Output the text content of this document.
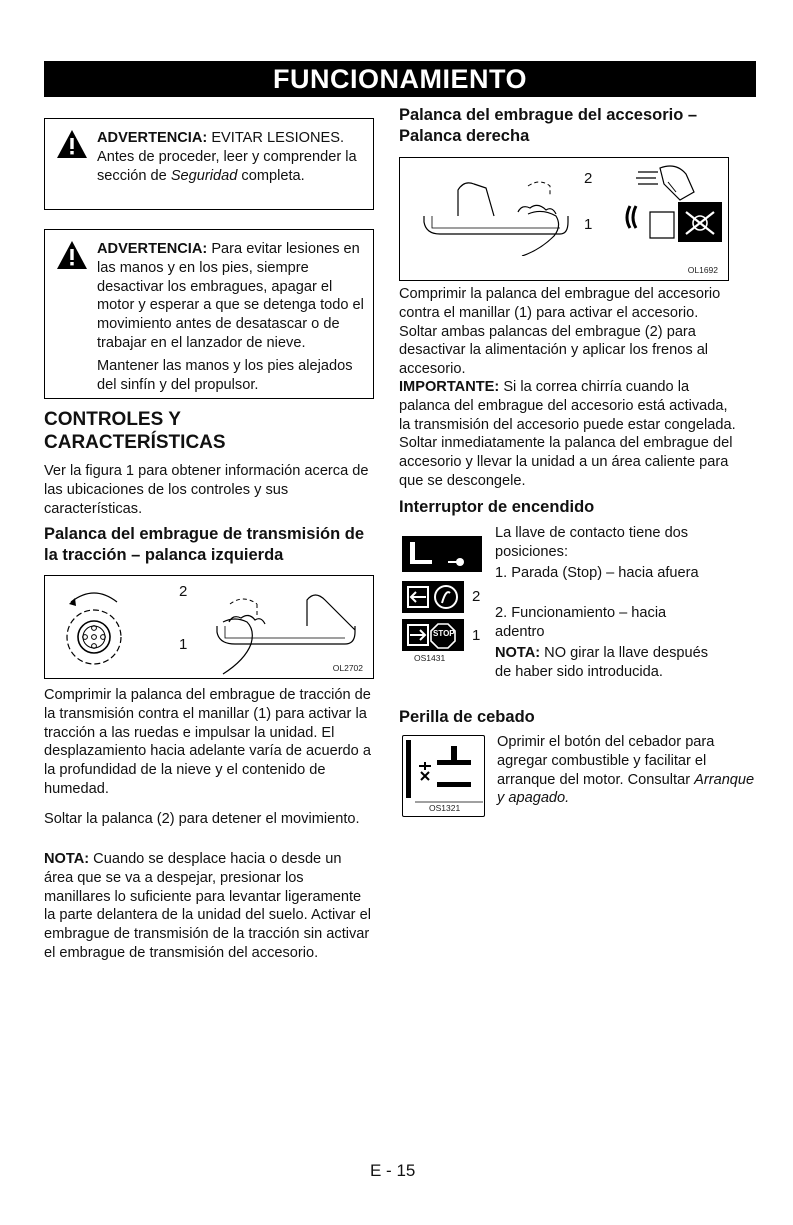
FUNCIONAMIENTO
ADVERTENCIA: EVITAR LESIONES. Antes de proceder, leer y comprender la sección de Seguridad completa.
ADVERTENCIA: Para evitar lesiones en las manos y en los pies, siempre desactivar los embragues, apagar el motor y esperar a que se detenga todo el movimiento antes de desatascar o de trabajar en el lanzador de nieve.
Mantener las manos y los pies alejados del sinfín y del propulsor.
CONTROLES Y CARACTERÍSTICAS
Ver la figura 1 para obtener información acerca de las ubicaciones de los controles y sus características.
Palanca del embrague de transmisión de la tracción – palanca izquierda
2
1
OL2702
Comprimir la palanca del embrague de tracción de la transmisión contra el manillar (1) para activar la tracción a las ruedas e impulsar la unidad. El desplazamiento hacia adelante varía de acuerdo a la profundidad de la nieve y el contenido de humedad.
Soltar la palanca (2) para detener el movimiento.
NOTA: Cuando se desplace hacia o desde un área que se va a despejar, presionar los manillares lo suficiente para levantar ligeramente la parte delantera de la unidad del suelo. Activar el embrague de transmisión de la tracción sin activar el embrague de transmisión del accesorio.
Palanca del embrague del accesorio – Palanca derecha
2
1
OL1692
Comprimir la palanca del embrague del accesorio contra el manillar (1) para activar el accesorio. Soltar ambas palancas del embrague (2) para desactivar la alimentación y aplicar los frenos al accesorio.
IMPORTANTE: Si la correa chirría cuando la palanca del embrague del accesorio está activada, la transmisión del accesorio puede estar congelada. Soltar inmediatamente la palanca del embrague del accesorio y llevar la unidad a un área caliente para que se descongele.
Interruptor de encendido
2
STOP 1
OS1431
La llave de contacto tiene dos posiciones:
1. Parada (Stop) – hacia afuera
2. Funcionamiento – hacia adentro
NOTA: NO girar la llave después de haber sido introducida.
Perilla de cebado
OS1321
Oprimir el botón del cebador para agregar combustible y facilitar el arranque del motor. Consultar Arranque y apagado.
E - 15
